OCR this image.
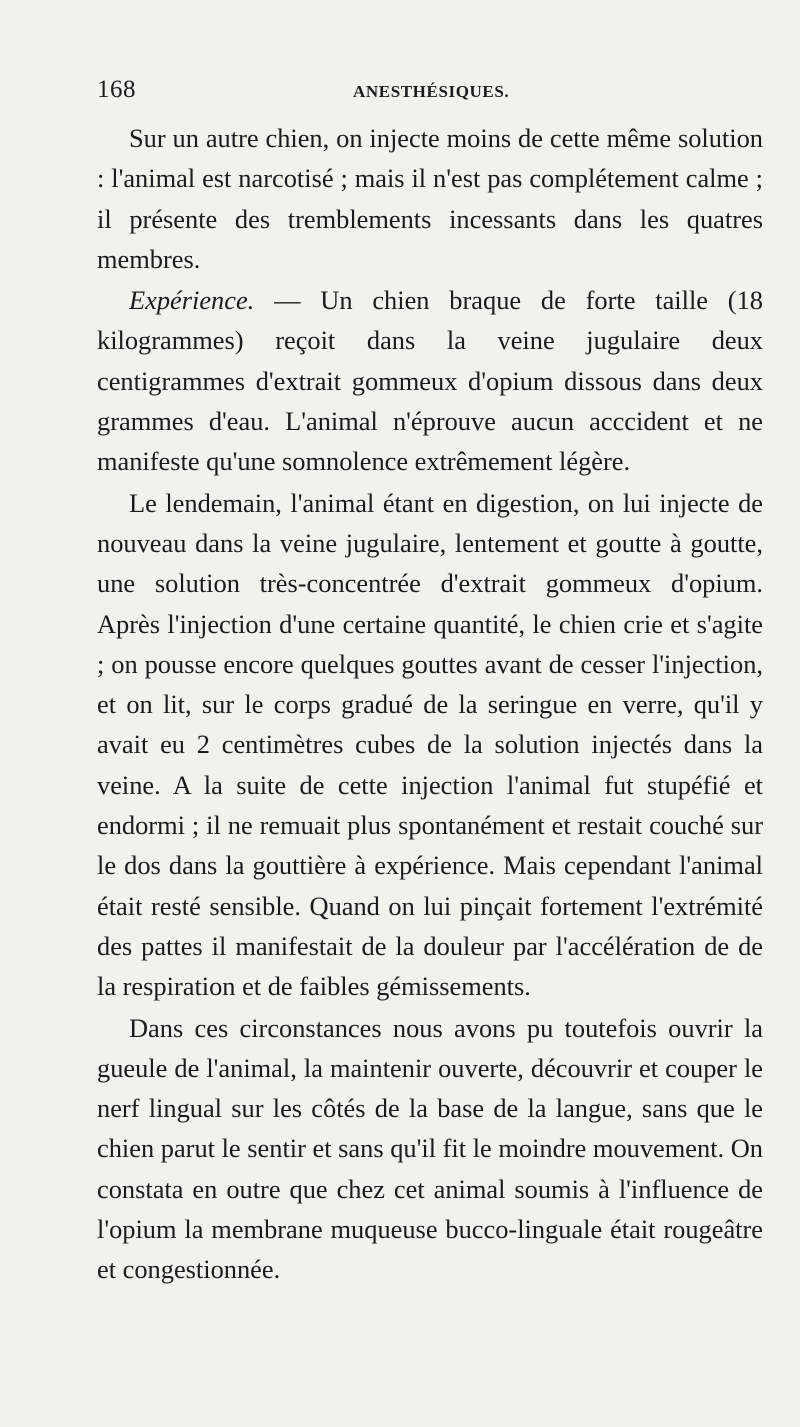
168	ANESTHÉSIQUES.

Sur un autre chien, on injecte moins de cette même solution : l'animal est narcotisé ; mais il n'est pas complétement calme ; il présente des tremblements incessants dans les quatres membres.

Expérience. — Un chien braque de forte taille (18 kilogrammes) reçoit dans la veine jugulaire deux centigrammes d'extrait gommeux d'opium dissous dans deux grammes d'eau. L'animal n'éprouve aucun acccident et ne manifeste qu'une somnolence extrêmement légère.

Le lendemain, l'animal étant en digestion, on lui injecte de nouveau dans la veine jugulaire, lentement et goutte à goutte, une solution très-concentrée d'extrait gommeux d'opium. Après l'injection d'une certaine quantité, le chien crie et s'agite ; on pousse encore quelques gouttes avant de cesser l'injection, et on lit, sur le corps gradué de la seringue en verre, qu'il y avait eu 2 centimètres cubes de la solution injectés dans la veine. A la suite de cette injection l'animal fut stupéfié et endormi ; il ne remuait plus spontanément et restait couché sur le dos dans la gouttière à expérience. Mais cependant l'animal était resté sensible. Quand on lui pinçait fortement l'extrémité des pattes il manifestait de la douleur par l'accélération de de la respiration et de faibles gémissements.

Dans ces circonstances nous avons pu toutefois ouvrir la gueule de l'animal, la maintenir ouverte, découvrir et couper le nerf lingual sur les côtés de la base de la langue, sans que le chien parut le sentir et sans qu'il fit le moindre mouvement. On constata en outre que chez cet animal soumis à l'influence de l'opium la membrane muqueuse bucco-linguale était rougeâtre et congestionnée.
